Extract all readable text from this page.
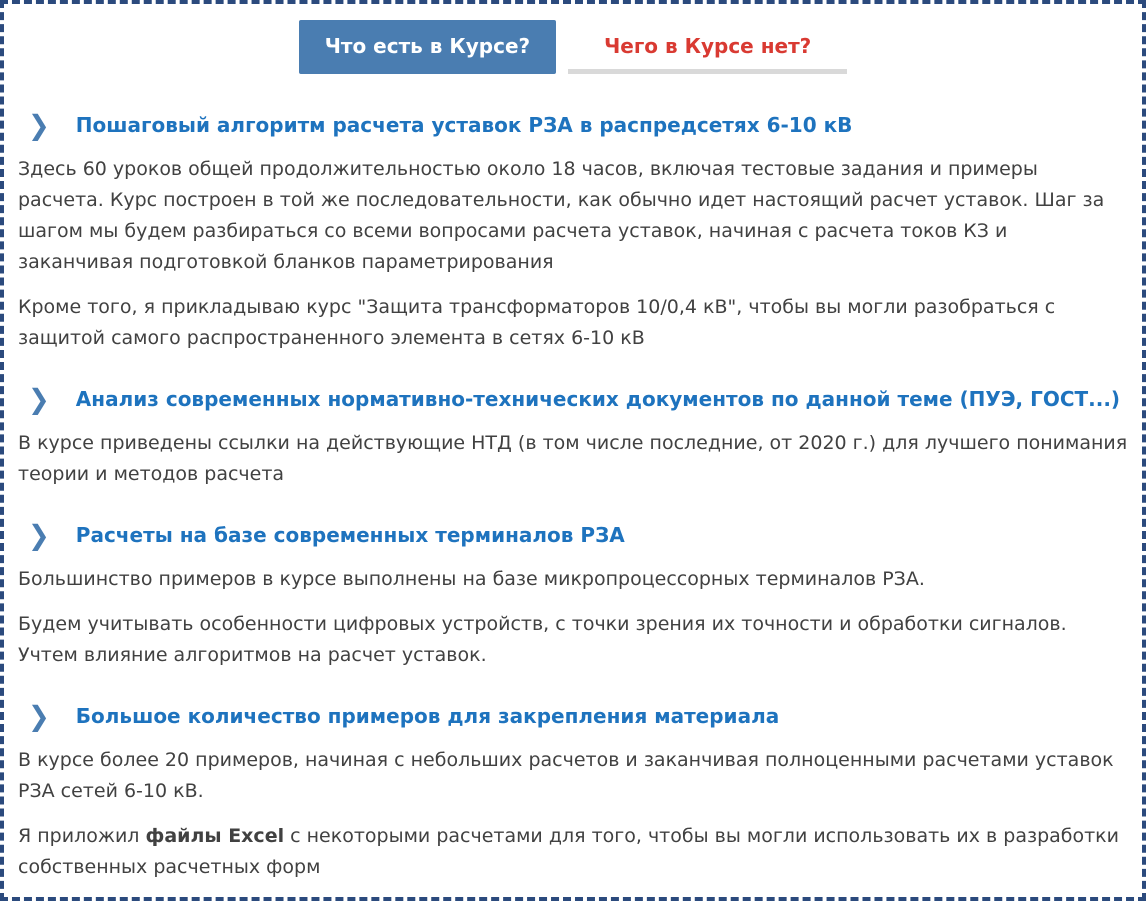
Что есть в Курсе?	Чего в Курсе нет?
❯ Пошаговый алгоритм расчета уставок РЗА в распредсетях 6-10 кВ

Здесь 60 уроков общей продолжительностью около 18 часов, включая тестовые задания и примеры расчета. Курс построен в той же последовательности, как обычно идет настоящий расчет уставок. Шаг за шагом мы будем разбираться со всеми вопросами расчета уставок, начиная с расчета токов КЗ и заканчивая подготовкой бланков параметрирования

Кроме того, я прикладываю курс "Защита трансформаторов 10/0,4 кВ", чтобы вы могли разобраться с защитой самого распространенного элемента в сетях 6-10 кВ

❯ Анализ современных нормативно-технических документов по данной теме (ПУЭ, ГОСТ...)

В курсе приведены ссылки на действующие НТД (в том числе последние, от 2020 г.) для лучшего понимания теории и методов расчета

❯ Расчеты на базе современных терминалов РЗА

Большинство примеров в курсе выполнены на базе микропроцессорных терминалов РЗА.

Будем учитывать особенности цифровых устройств, с точки зрения их точности и обработки сигналов. Учтем влияние алгоритмов на расчет уставок.

❯ Большое количество примеров для закрепления материала

В курсе более 20 примеров, начиная с небольших расчетов и заканчивая полноценными расчетами уставок РЗА сетей 6-10 кВ.

Я приложил файлы Excel с некоторыми расчетами для того, чтобы вы могли использовать их в разработки собственных расчетных форм
